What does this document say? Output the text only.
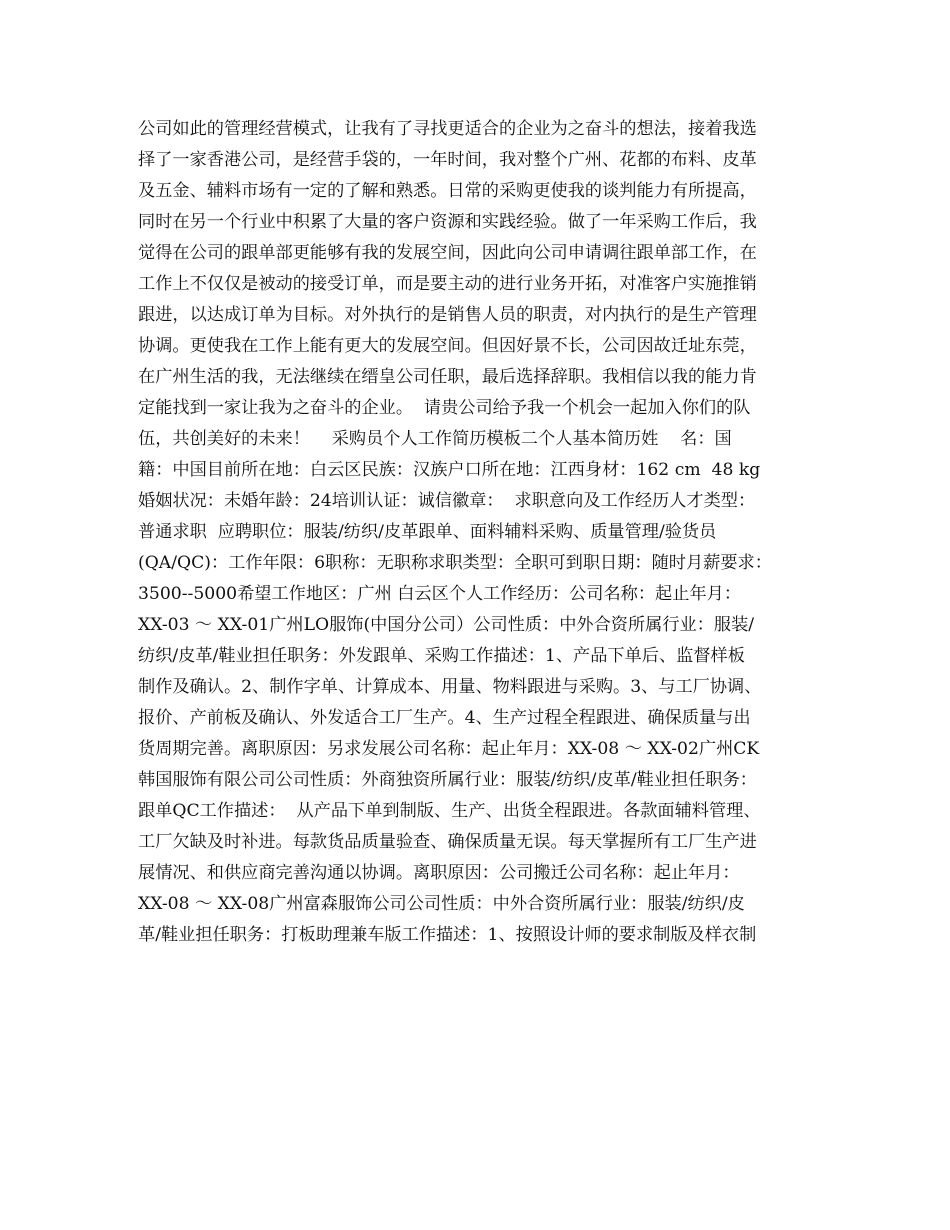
公司如此的管理经营模式，让我有了寻找更适合的企业为之奋斗的想法，接着我选
择了一家香港公司，是经营手袋的，一年时间，我对整个广州、花都的布料、皮革
及五金、辅料市场有一定的了解和熟悉。日常的采购更使我的谈判能力有所提高，
同时在另一个行业中积累了大量的客户资源和实践经验。做了一年采购工作后，我
觉得在公司的跟单部更能够有我的发展空间，因此向公司申请调往跟单部工作，在
工作上不仅仅是被动的接受订单，而是要主动的进行业务开拓，对准客户实施推销
跟进，以达成订单为目标。对外执行的是销售人员的职责，对内执行的是生产管理
协调。更使我在工作上能有更大的发展空间。但因好景不长，公司因故迁址东莞，
在广州生活的我，无法继续在缙皇公司任职，最后选择辞职。我相信以我的能力肯
定能找到一家让我为之奋斗的企业。  请贵公司给予我一个机会一起加入你们的队
伍，共创美好的未来！    采购员个人工作简历模板二个人基本简历姓    名：国
籍：中国目前所在地：白云区民族：汉族户口所在地：江西身材：162 cm  48 kg
婚姻状况：未婚年龄：24培训认证：诚信徽章：  求职意向及工作经历人才类型：
普通求职  应聘职位：服装/纺织/皮革跟单、面料辅料采购、质量管理/验货员
(QA/QC)：工作年限：6职称：无职称求职类型：全职可到职日期：随时月薪要求：
3500--5000希望工作地区：广州 白云区个人工作经历：公司名称：起止年月：
XX-03 ～ XX-01广州LO服饰(中国分公司）公司性质：中外合资所属行业：服装/
纺织/皮革/鞋业担任职务：外发跟单、采购工作描述：1、产品下单后、监督样板
制作及确认。2、制作字单、计算成本、用量、物料跟进与采购。3、与工厂协调、
报价、产前板及确认、外发适合工厂生产。4、生产过程全程跟进、确保质量与出
货周期完善。离职原因：另求发展公司名称：起止年月：XX-08 ～ XX-02广州CK
韩国服饰有限公司公司性质：外商独资所属行业：服装/纺织/皮革/鞋业担任职务：
跟单QC工作描述：  从产品下单到制版、生产、出货全程跟进。各款面辅料管理、
工厂欠缺及时补进。每款货品质量验查、确保质量无误。每天掌握所有工厂生产进
展情况、和供应商完善沟通以协调。离职原因：公司搬迁公司名称：起止年月：
XX-08 ～ XX-08广州富森服饰公司公司性质：中外合资所属行业：服装/纺织/皮
革/鞋业担任职务：打板助理兼车版工作描述：1、按照设计师的要求制版及样衣制
